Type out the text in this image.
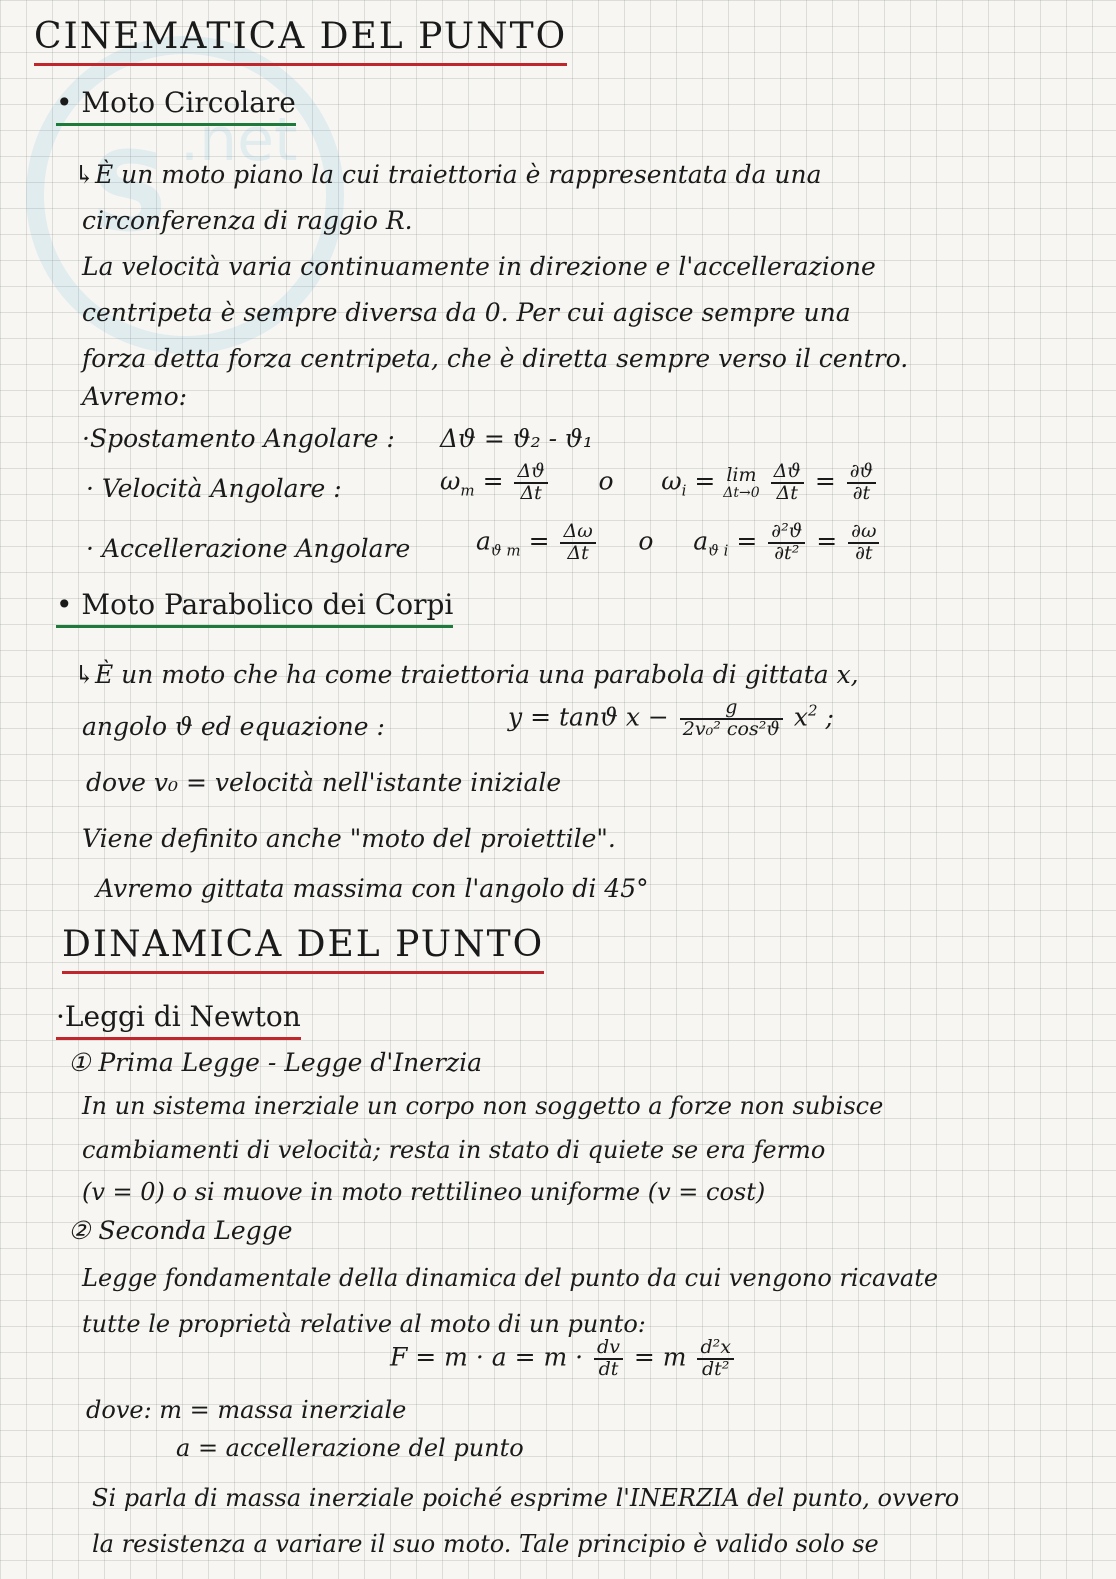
S .net
CINEMATICA DEL PUNTO
• Moto Circolare
↳È un moto piano la cui traiettoria è rappresentata da una
circonferenza di raggio R.
La velocità varia continuamente in direzione e l'accellerazione
centripeta è sempre diversa da 0. Per cui agisce sempre una
forza detta forza centripeta, che è diretta sempre verso il centro.
Avremo:
·Spostamento Angolare : Δϑ = ϑ₂ - ϑ₁
· Velocità Angolare :	$\omega_m = \frac{\Delta ϑ}{\Delta t}$ o      $\omega_i = \lim$
Δt→0
$\frac{\Delta ϑ}{\Delta t} = \frac{\partial ϑ}{\partial t}$
· Accellerazione Angolare	$a_{ϑ m} = \frac{\Delta\omega}{\Delta t}$ o     $a_{ϑ i} = \frac{\text{∂²ϑ}}{\text{∂t²}} = \frac{\partial\omega}{\partial t}$
• Moto Parabolico dei Corpi
↳È un moto che ha come traiettoria una parabola di gittata x,
angolo ϑ ed equazione :	y = tanϑ $x - \frac{g}{\text{2v₀² cos²ϑ}} x^2$ ;
dove v₀ = velocità nell'istante iniziale
Viene definito anche "moto del proiettile".
Avremo gittata massima con l'angolo di 45°
DINAMICA DEL PUNTO
·Leggi di Newton
① Prima Legge - Legge d'Inerzia
In un sistema inerziale un corpo non soggetto a forze non subisce
cambiamenti di velocità; resta in stato di quiete se era fermo
(v = 0) o si muove in moto rettilineo uniforme (v = cost)
② Seconda Legge
Legge fondamentale della dinamica del punto da cui vengono ricavate
tutte le proprietà relative al moto di un punto:
$F = m \cdot a = m \cdot \frac{dv}{dt} = m \frac{\text{d²x}}{\text{dt²}}$
dove: m = massa inerziale
a = accellerazione del punto
Si parla di massa inerziale poiché esprime l'INERZIA del punto, ovvero
la resistenza a variare il suo moto. Tale principio è valido solo se
